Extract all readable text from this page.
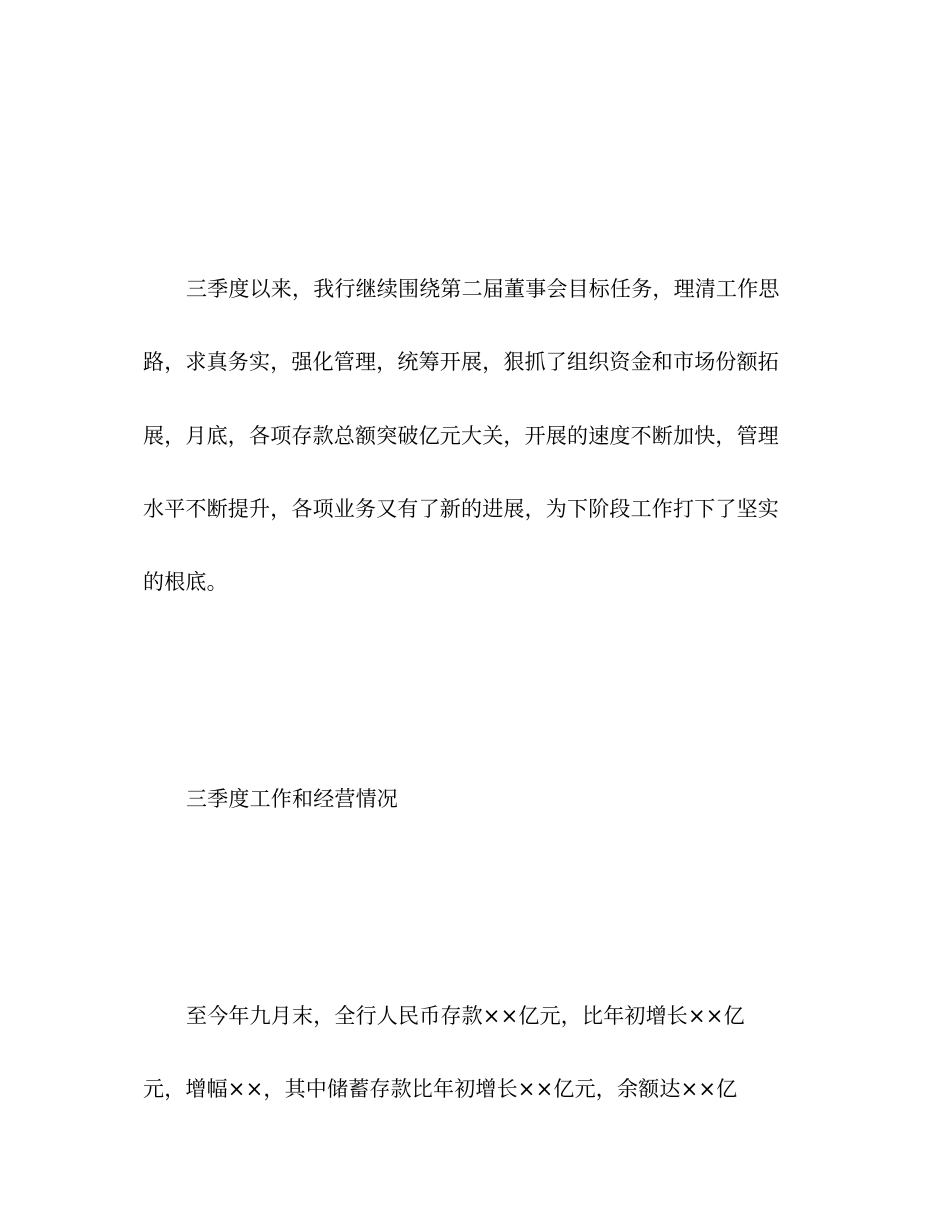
三季度以来，我行继续围绕第二届董事会目标任务，理清工作思
路，求真务实，强化管理，统筹开展，狠抓了组织资金和市场份额拓
展，月底，各项存款总额突破亿元大关，开展的速度不断加快，管理
水平不断提升，各项业务又有了新的进展，为下阶段工作打下了坚实
的根底。
三季度工作和经营情况
至今年九月末，全行人民币存款××亿元，比年初增长××亿
元，增幅××，其中储蓄存款比年初增长××亿元，余额达××亿
